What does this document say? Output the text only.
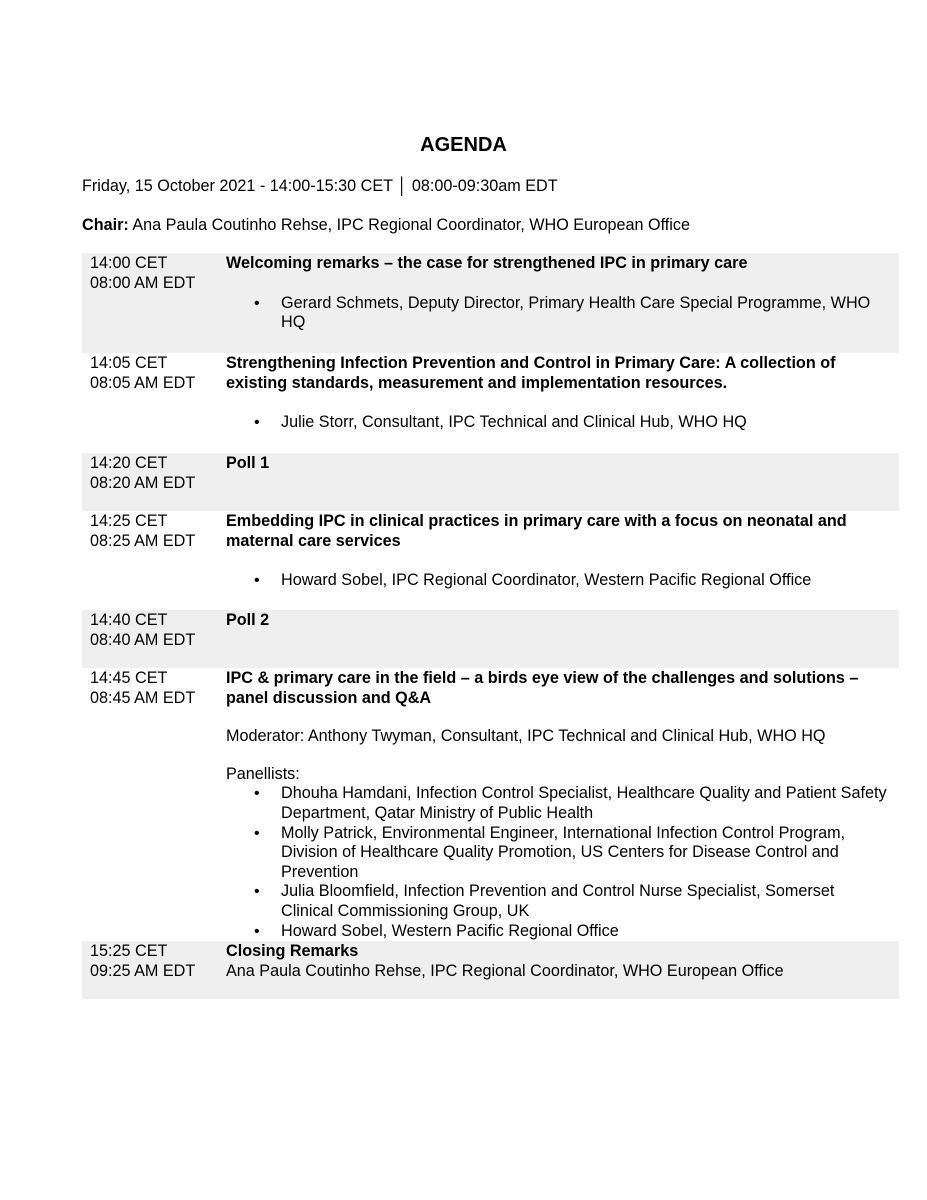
AGENDA
Friday, 15 October 2021 - 14:00-15:30 CET │ 08:00-09:30am EDT
Chair: Ana Paula Coutinho Rehse, IPC Regional Coordinator, WHO European Office
14:00 CET
08:00 AM EDT
Welcoming remarks – the case for strengthened IPC in primary care
• Gerard Schmets, Deputy Director, Primary Health Care Special Programme, WHO HQ
14:05 CET
08:05 AM EDT
Strengthening Infection Prevention and Control in Primary Care: A collection of existing standards, measurement and implementation resources.
• Julie Storr, Consultant, IPC Technical and Clinical Hub, WHO HQ
14:20 CET
08:20 AM EDT
Poll 1
14:25 CET
08:25 AM EDT
Embedding IPC in clinical practices in primary care with a focus on neonatal and maternal care services
• Howard Sobel, IPC Regional Coordinator, Western Pacific Regional Office
14:40 CET
08:40 AM EDT
Poll 2
14:45 CET
08:45 AM EDT
IPC & primary care in the field – a birds eye view of the challenges and solutions – panel discussion and Q&A
Moderator: Anthony Twyman, Consultant, IPC Technical and Clinical Hub, WHO HQ
Panellists:
• Dhouha Hamdani, Infection Control Specialist, Healthcare Quality and Patient Safety Department, Qatar Ministry of Public Health
• Molly Patrick, Environmental Engineer, International Infection Control Program, Division of Healthcare Quality Promotion, US Centers for Disease Control and Prevention
• Julia Bloomfield, Infection Prevention and Control Nurse Specialist, Somerset Clinical Commissioning Group, UK
• Howard Sobel, Western Pacific Regional Office
15:25 CET
09:25 AM EDT
Closing Remarks
Ana Paula Coutinho Rehse, IPC Regional Coordinator, WHO European Office
